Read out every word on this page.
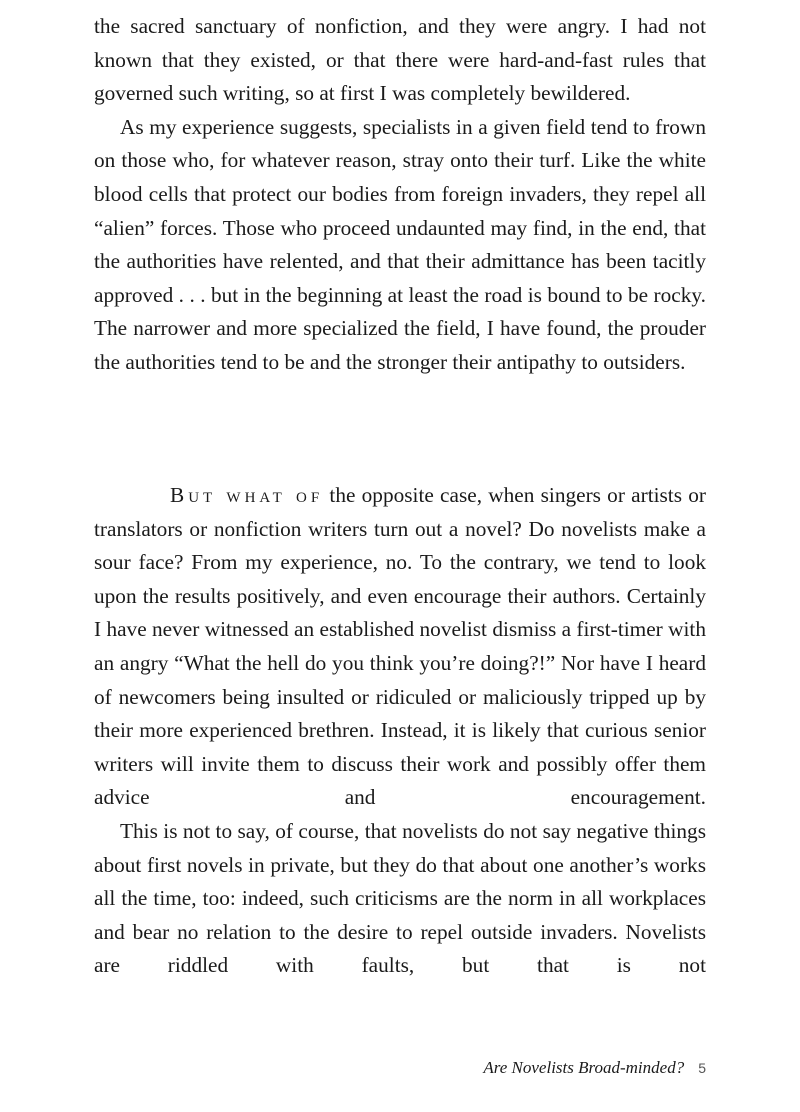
the sacred sanctuary of nonfiction, and they were angry. I had not known that they existed, or that there were hard-and-fast rules that governed such writing, so at first I was completely bewildered.

As my experience suggests, specialists in a given field tend to frown on those who, for whatever reason, stray onto their turf. Like the white blood cells that protect our bodies from foreign invaders, they repel all “alien” forces. Those who proceed undaunted may find, in the end, that the authorities have relented, and that their admittance has been tacitly approved . . . but in the beginning at least the road is bound to be rocky. The narrower and more specialized the field, I have found, the prouder the authorities tend to be and the stronger their antipathy to outsiders.

But what of the opposite case, when singers or artists or translators or nonfiction writers turn out a novel? Do novelists make a sour face? From my experience, no. To the contrary, we tend to look upon the results positively, and even encourage their authors. Certainly I have never witnessed an established novelist dismiss a first-timer with an angry “What the hell do you think you’re doing?!” Nor have I heard of newcomers being insulted or ridiculed or maliciously tripped up by their more experienced brethren. Instead, it is likely that curious senior writers will invite them to discuss their work and possibly offer them advice and encouragement.

This is not to say, of course, that novelists do not say negative things about first novels in private, but they do that about one another’s works all the time, too: indeed, such criticisms are the norm in all workplaces and bear no relation to the desire to repel outside invaders. Novelists are riddled with faults, but that is not

Are Novelists Broad-minded? 5
